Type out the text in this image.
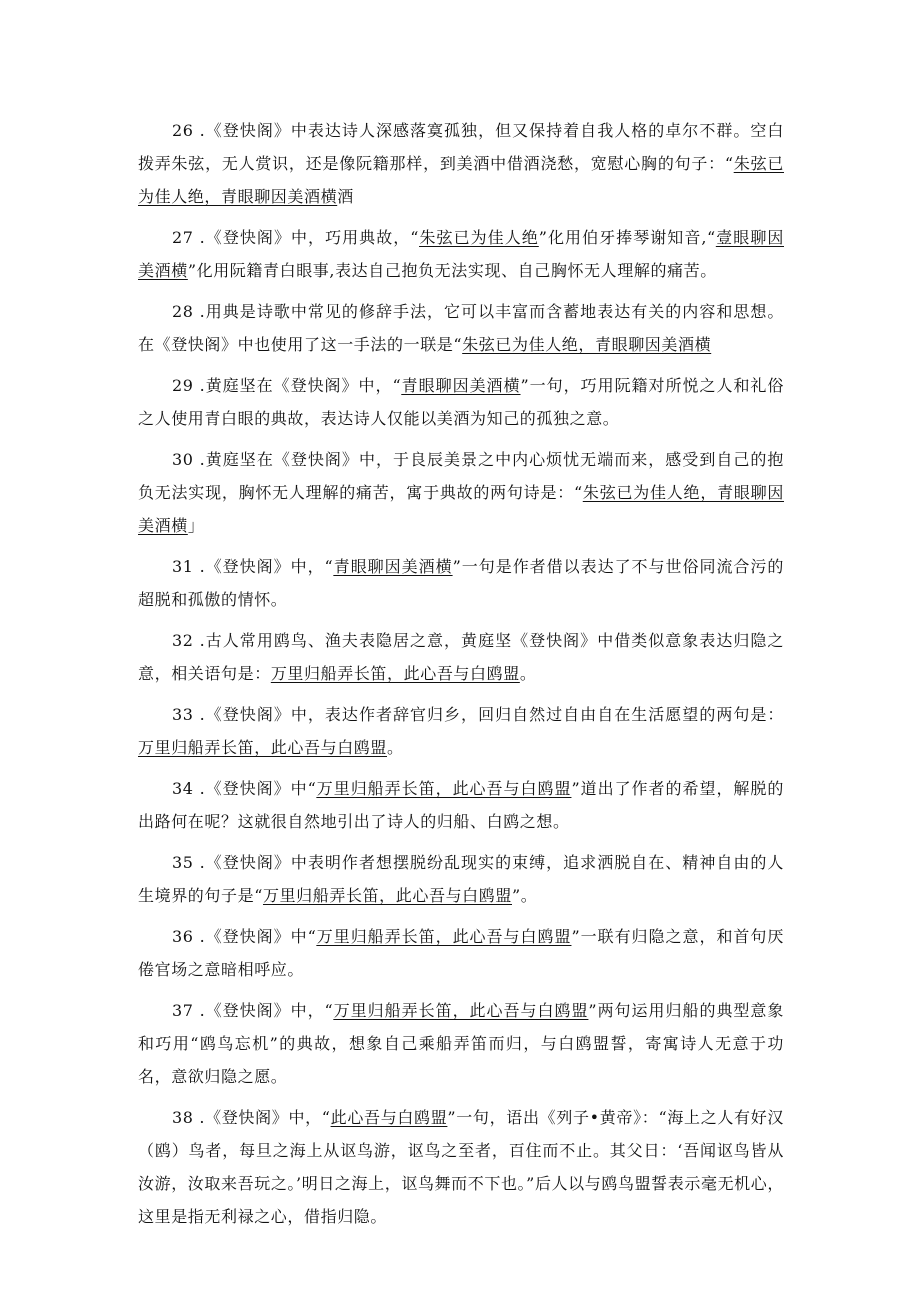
26 .《登快阁》中表达诗人深感落寞孤独，但又保持着自我人格的卓尔不群。空白拨弄朱弦，无人赏识，还是像阮籍那样，到美酒中借酒浇愁，宽慰心胸的句子：“朱弦已为佳人绝，青眼聊因美酒横酒

27 .《登快阁》中，巧用典故，“朱弦已为佳人绝”化用伯牙捧琴谢知音,“壹眼聊因美酒横”化用阮籍青白眼事,表达自己抱负无法实现、自己胸怀无人理解的痛苦。

28 .用典是诗歌中常见的修辞手法，它可以丰富而含蓄地表达有关的内容和思想。在《登快阁》中也使用了这一手法的一联是“朱弦已为佳人绝，青眼聊因美酒横

29 .黄庭坚在《登快阁》中，“青眼聊因美酒横”一句，巧用阮籍对所悦之人和礼俗之人使用青白眼的典故，表达诗人仅能以美酒为知己的孤独之意。

30 .黄庭坚在《登快阁》中，于良辰美景之中内心烦忧无端而来，感受到自己的抱负无法实现，胸怀无人理解的痛苦，寓于典故的两句诗是：“朱弦已为佳人绝，青眼聊因美酒横」

31 .《登快阁》中，“青眼聊因美酒横”一句是作者借以表达了不与世俗同流合污的超脱和孤傲的情怀。

32 .古人常用鸥鸟、渔夫表隐居之意，黄庭坚《登快阁》中借类似意象表达归隐之意，相关语句是：万里归船弄长笛，此心吾与白鸥盟。

33 .《登快阁》中，表达作者辞官归乡，回归自然过自由自在生活愿望的两句是：万里归船弄长笛，此心吾与白鸥盟。

34 .《登快阁》中“万里归船弄长笛，此心吾与白鸥盟”道出了作者的希望，解脱的出路何在呢？这就很自然地引出了诗人的归船、白鸥之想。

35 .《登快阁》中表明作者想摆脱纷乱现实的束缚，追求洒脱自在、精神自由的人生境界的句子是“万里归船弄长笛，此心吾与白鸥盟”。

36 .《登快阁》中“万里归船弄长笛，此心吾与白鸥盟”一联有归隐之意，和首句厌倦官场之意暗相呼应。

37 .《登快阁》中，“万里归船弄长笛，此心吾与白鸥盟”两句运用归船的典型意象和巧用“鸥鸟忘机”的典故，想象自己乘船弄笛而归，与白鸥盟誓，寄寓诗人无意于功名，意欲归隐之愿。

38 .《登快阁》中，“此心吾与白鸥盟”一句，语出《列子•黄帝》：“海上之人有好汉（鸥）鸟者，每旦之海上从讴鸟游，讴鸟之至者，百住而不止。其父日：‘吾闻讴鸟皆从汝游，汝取来吾玩之。’明日之海上，讴鸟舞而不下也。”后人以与鸥鸟盟誓表示毫无机心，这里是指无利禄之心，借指归隐。
